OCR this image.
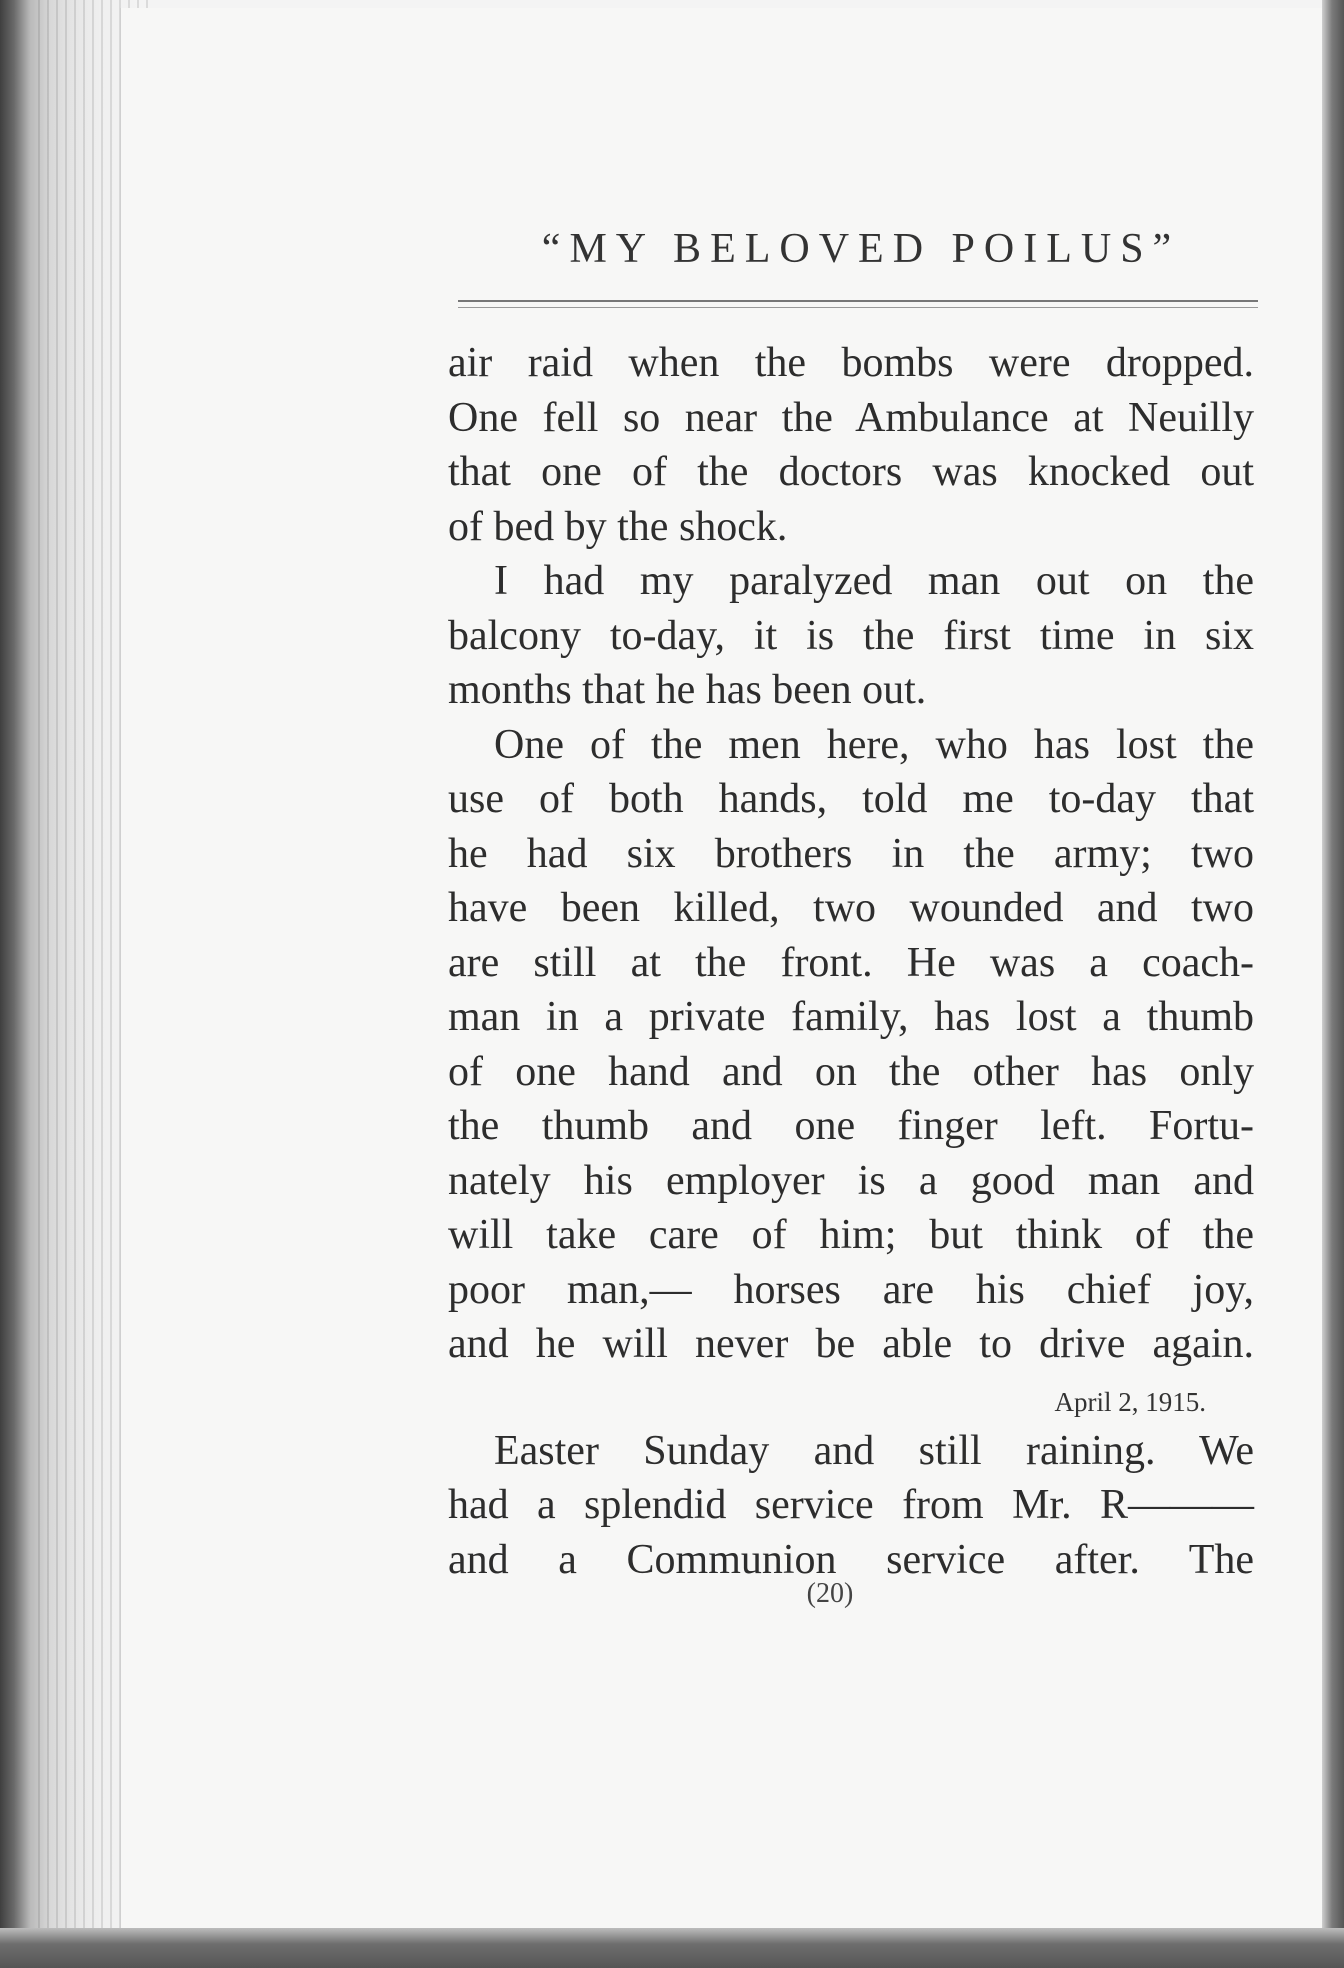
“MY BELOVED POILUS”
air raid when the bombs were dropped.
One fell so near the Ambulance at Neuilly
that one of the doctors was knocked out
of bed by the shock.
I had my paralyzed man out on the
balcony to-day, it is the first time in six
months that he has been out.
One of the men here, who has lost the
use of both hands, told me to-day that
he had six brothers in the army; two
have been killed, two wounded and two
are still at the front. He was a coach-
man in a private family, has lost a thumb
of one hand and on the other has only
the thumb and one finger left. Fortu-
nately his employer is a good man and
will take care of him; but think of the
poor man,— horses are his chief joy,
and he will never be able to drive again.
April 2, 1915.
Easter Sunday and still raining. We
had a splendid service from Mr. R———
and a Communion service after. The
(20)
